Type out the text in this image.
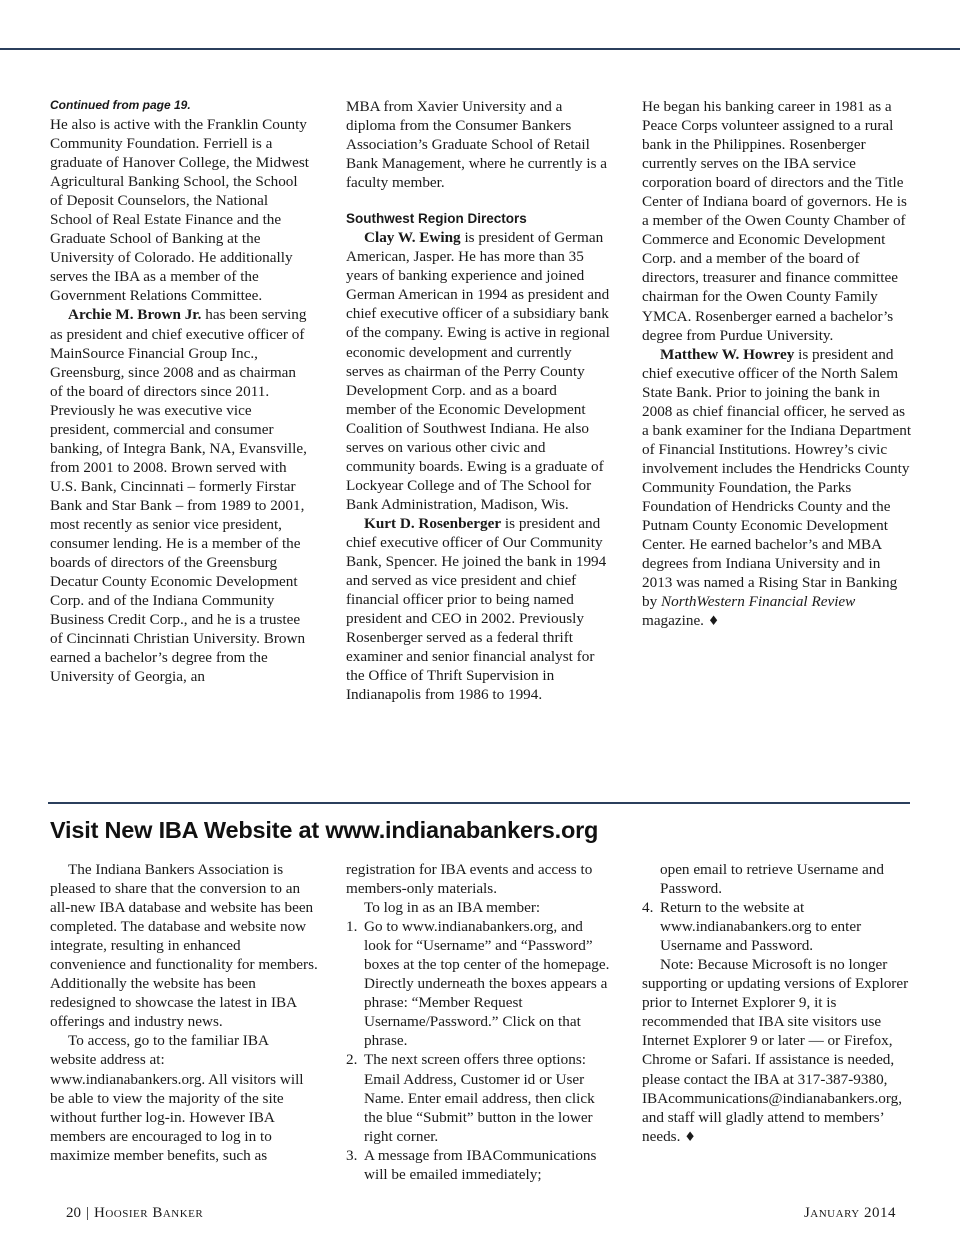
Continued from page 19.

He also is active with the Franklin County Community Foundation. Ferriell is a graduate of Hanover College, the Midwest Agricultural Banking School, the School of Deposit Counselors, the National School of Real Estate Finance and the Graduate School of Banking at the University of Colorado. He additionally serves the IBA as a member of the Government Relations Committee.

Archie M. Brown Jr. has been serving as president and chief executive officer of MainSource Financial Group Inc., Greensburg, since 2008 and as chairman of the board of directors since 2011. Previously he was executive vice president, commercial and consumer banking, of Integra Bank, NA, Evansville, from 2001 to 2008. Brown served with U.S. Bank, Cincinnati – formerly Firstar Bank and Star Bank – from 1989 to 2001, most recently as senior vice president, consumer lending. He is a member of the boards of directors of the Greensburg Decatur County Economic Development Corp. and of the Indiana Community Business Credit Corp., and he is a trustee of Cincinnati Christian University. Brown earned a bachelor’s degree from the University of Georgia, an

MBA from Xavier University and a diploma from the Consumer Bankers Association’s Graduate School of Retail Bank Management, where he currently is a faculty member.

Southwest Region Directors

Clay W. Ewing is president of German American, Jasper. He has more than 35 years of banking experience and joined German American in 1994 as president and chief executive officer of a subsidiary bank of the company. Ewing is active in regional economic development and currently serves as chairman of the Perry County Development Corp. and as a board member of the Economic Development Coalition of Southwest Indiana. He also serves on various other civic and community boards. Ewing is a graduate of Lockyear College and of The School for Bank Administration, Madison, Wis.

Kurt D. Rosenberger is president and chief executive officer of Our Community Bank, Spencer. He joined the bank in 1994 and served as vice president and chief financial officer prior to being named president and CEO in 2002. Previously Rosenberger served as a federal thrift examiner and senior financial analyst for the Office of Thrift Supervision in Indianapolis from 1986 to 1994.

He began his banking career in 1981 as a Peace Corps volunteer assigned to a rural bank in the Philippines. Rosenberger currently serves on the IBA service corporation board of directors and the Title Center of Indiana board of governors. He is a member of the Owen County Chamber of Commerce and Economic Development Corp. and a member of the board of directors, treasurer and finance committee chairman for the Owen County Family YMCA. Rosenberger earned a bachelor’s degree from Purdue University.

Matthew W. Howrey is president and chief executive officer of the North Salem State Bank. Prior to joining the bank in 2008 as chief financial officer, he served as a bank examiner for the Indiana Department of Financial Institutions. Howrey’s civic involvement includes the Hendricks County Community Foundation, the Parks Foundation of Hendricks County and the Putnam County Economic Development Center. He earned bachelor’s and MBA degrees from Indiana University and in 2013 was named a Rising Star in Banking by NorthWestern Financial Review magazine. ♦

Visit New IBA Website at www.indianabankers.org

The Indiana Bankers Association is pleased to share that the conversion to an all-new IBA database and website has been completed. The database and website now integrate, resulting in enhanced convenience and functionality for members. Additionally the website has been redesigned to showcase the latest in IBA offerings and industry news.

To access, go to the familiar IBA website address at: www.indianabankers.org. All visitors will be able to view the majority of the site without further log-in. However IBA members are encouraged to log in to maximize member benefits, such as

registration for IBA events and access to members-only materials.

To log in as an IBA member:

1. Go to www.indianabankers.org, and look for “Username” and “Password” boxes at the top center of the homepage. Directly underneath the boxes appears a phrase: “Member Request Username/Password.” Click on that phrase.

2. The next screen offers three options: Email Address, Customer id or User Name. Enter email address, then click the blue “Submit” button in the lower right corner.

3. A message from IBACommunications will be emailed immediately;

open email to retrieve Username and Password.

4. Return to the website at www.indianabankers.org to enter Username and Password.

Note: Because Microsoft is no longer supporting or updating versions of Explorer prior to Internet Explorer 9, it is recommended that IBA site visitors use Internet Explorer 9 or later — or Firefox, Chrome or Safari. If assistance is needed, please contact the IBA at 317-387-9380, IBAcommunications@indianabankers.org, and staff will gladly attend to members’ needs. ♦

20 | Hoosier Banker	January 2014
